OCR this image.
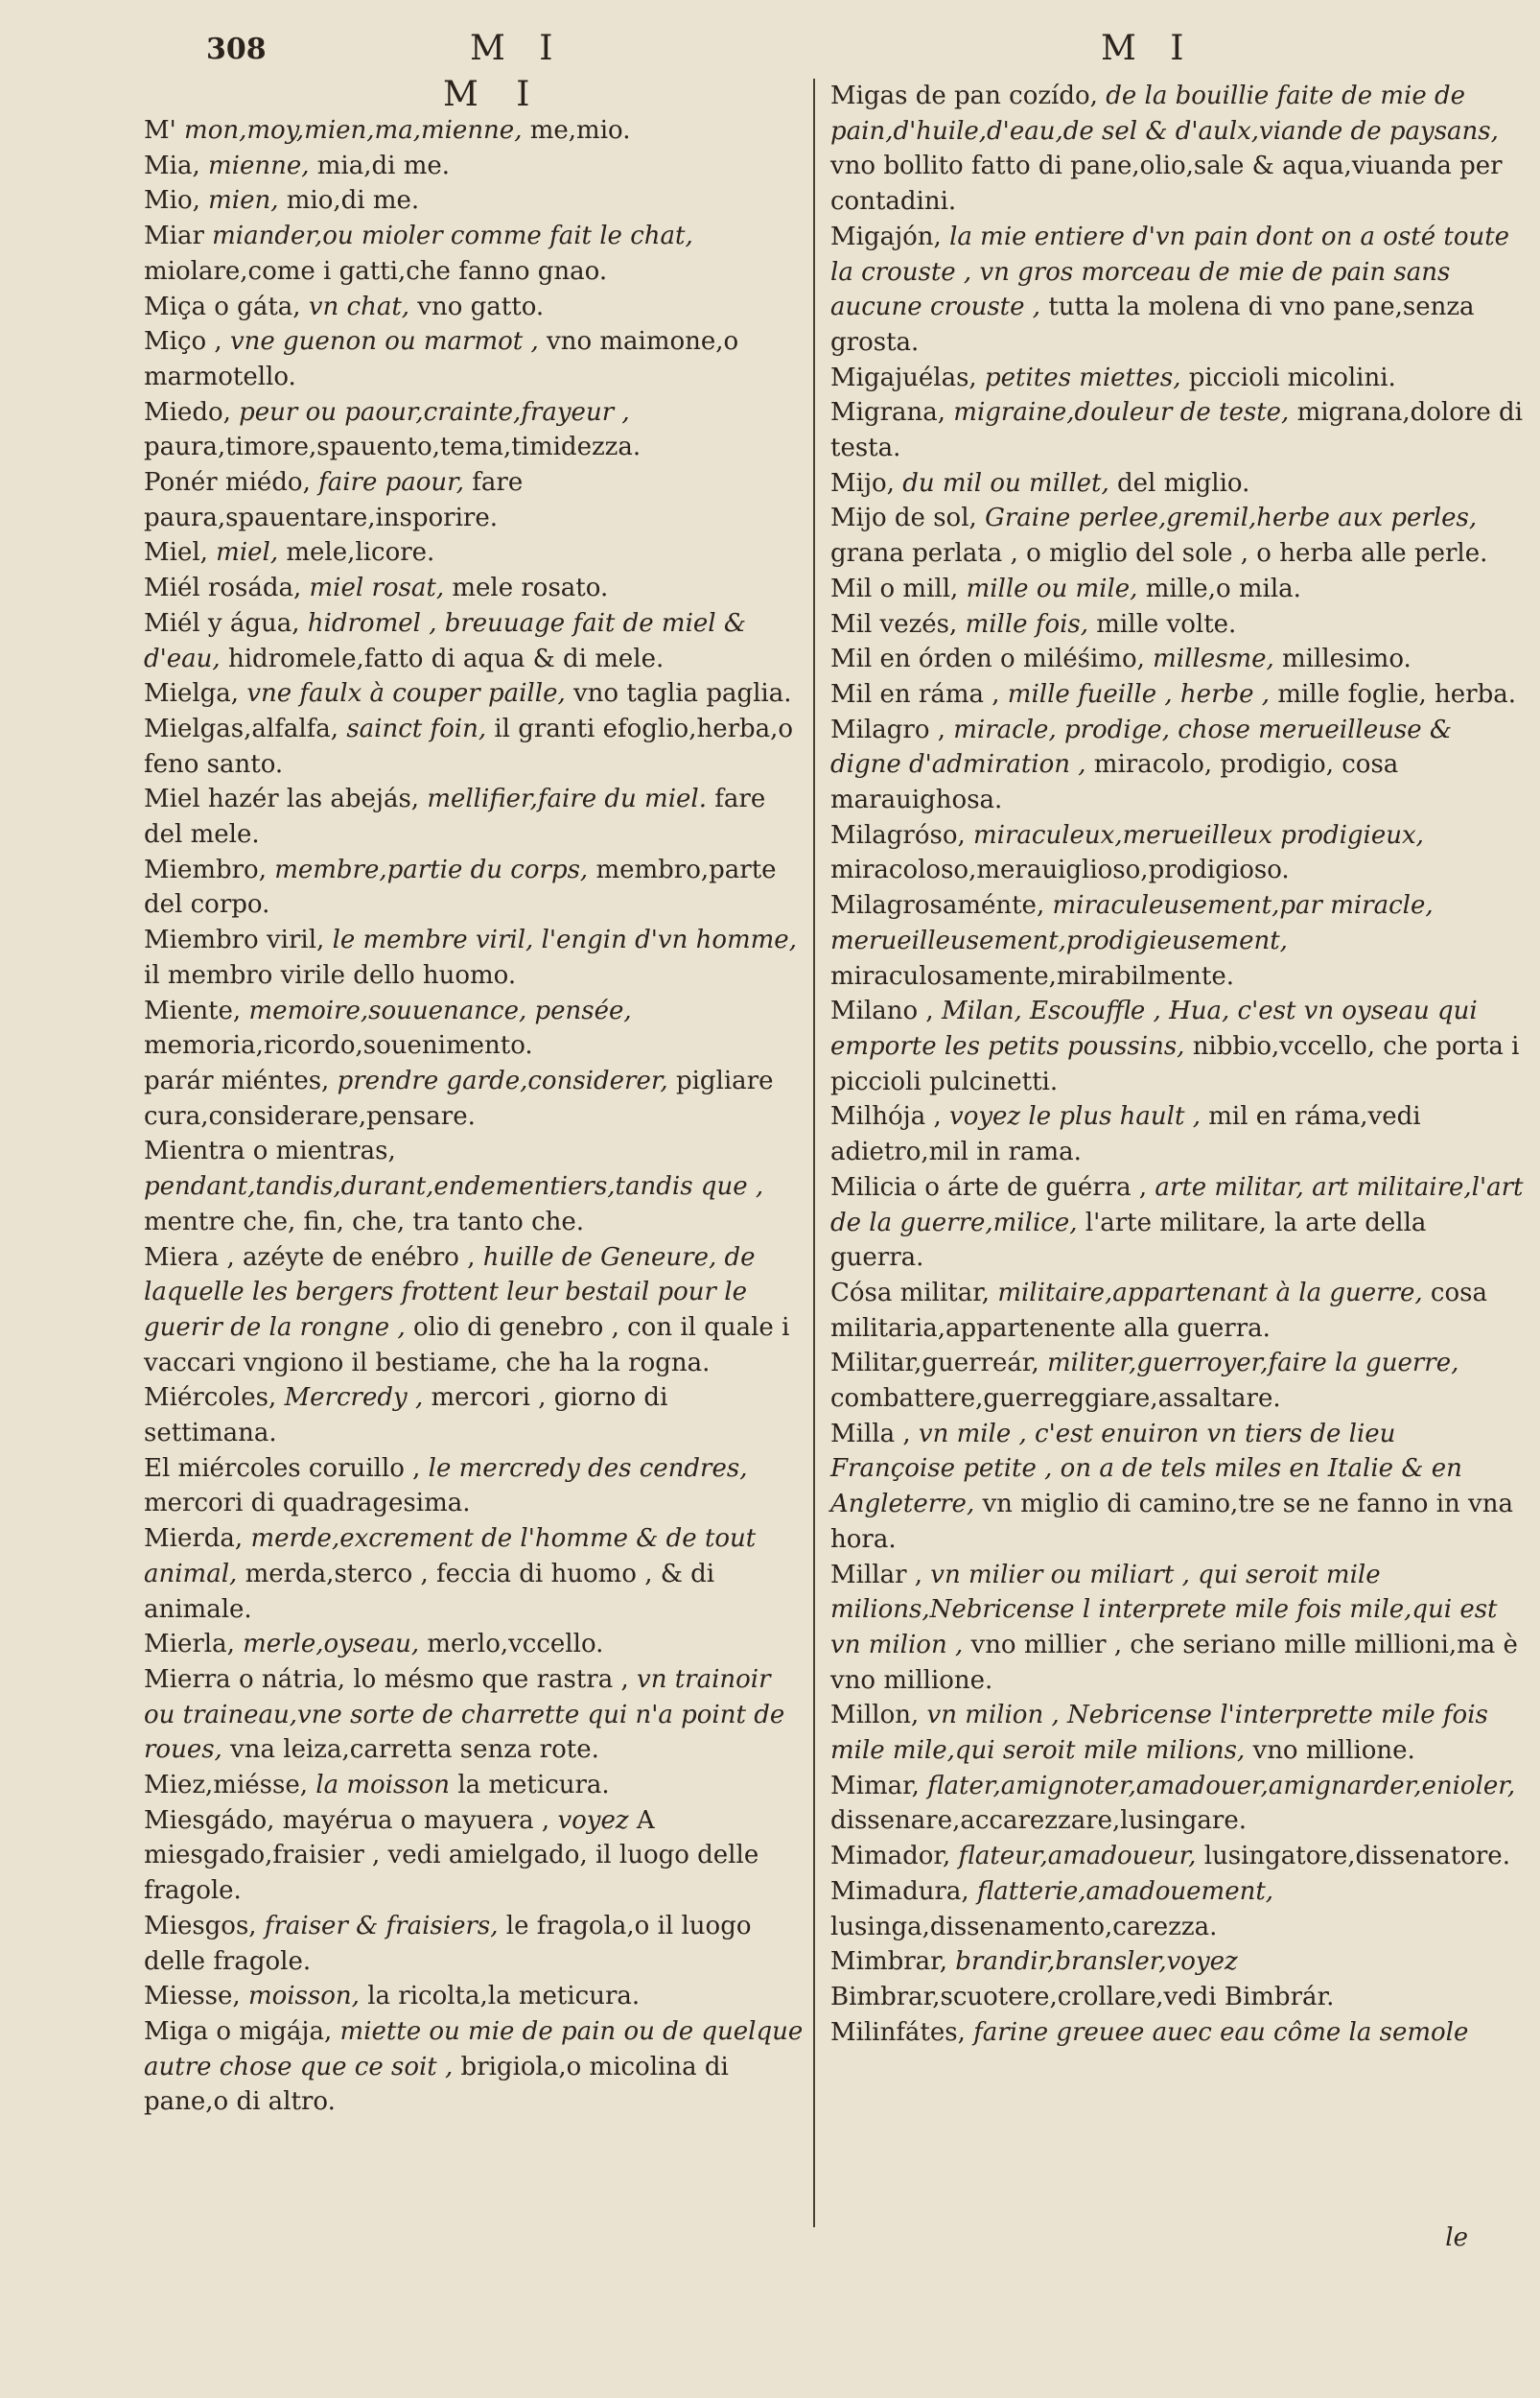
308	M I	M I
M I

M' mon,moy,mien,ma,mienne, me,mio.

Mia, mienne, mia,di me.

Mio, mien, mio,di me.

Miar miander,ou mioler comme fait le chat, miolare,come i gatti,che fanno gnao.

Miça o gáta, vn chat, vno gatto.

Miço , vne guenon ou marmot , vno maimone,o marmotello.

Miedo, peur ou paour,crainte,frayeur , paura,timore,spauento,tema,timidezza.

Ponér miédo, faire paour, fare paura,spauentare,insporire.

Miel, miel, mele,licore.

Miél rosáda, miel rosat, mele rosato.

Miél y água, hidromel , breuuage fait de miel & d'eau, hidromele,fatto di aqua & di mele.

Mielga, vne faulx à couper paille, vno taglia paglia.

Mielgas,alfalfa, sainct foin, il granti efoglio,herba,o feno santo.

Miel hazér las abejás, mellifier,faire du miel. fare del mele.

Miembro, membre,partie du corps, membro,parte del corpo.

Miembro viril, le membre viril, l'engin d'vn homme, il membro virile dello huomo.

Miente, memoire,souuenance, pensée, memoria,ricordo,souenimento.

parár miéntes, prendre garde,considerer, pigliare cura,considerare,pensare.

Mientra o mientras, pendant,tandis,durant,endementiers,tandis que , mentre che, fin, che, tra tanto che.

Miera , azéyte de enébro , huille de Geneure, de laquelle les bergers frottent leur bestail pour le guerir de la rongne , olio di genebro , con il quale i vaccari vngiono il bestiame, che ha la rogna.

Miércoles, Mercredy , mercori , giorno di settimana.

El miércoles coruillo , le mercredy des cendres, mercori di quadragesima.

Mierda, merde,excrement de l'homme & de tout animal, merda,sterco , feccia di huomo , & di animale.

Mierla, merle,oyseau, merlo,vccello.

Mierra o nátria, lo mésmo que rastra , vn trainoir ou traineau,vne sorte de charrette qui n'a point de roues, vna leiza,carretta senza rote.

Miez,miésse, la moisson la meticura.

Miesgádo, mayérua o mayuera , voyez A miesgado,fraisier , vedi amielgado, il luogo delle fragole.

Miesgos, fraiser & fraisiers, le fragola,o il luogo delle fragole.

Miesse, moisson, la ricolta,la meticura.

Miga o migája, miette ou mie de pain ou de quelque autre chose que ce soit , brigiola,o micolina di pane,o di altro.

Migas de pan cozído, de la bouillie faite de mie de pain,d'huile,d'eau,de sel & d'aulx,viande de paysans, vno bollito fatto di pane,olio,sale & aqua,viuanda per contadini.

Migajón, la mie entiere d'vn pain dont on a osté toute la crouste , vn gros morceau de mie de pain sans aucune crouste , tutta la molena di vno pane,senza grosta.

Migajuélas, petites miettes, piccioli micolini.

Migrana, migraine,douleur de teste, migrana,dolore di testa.

Mijo, du mil ou millet, del miglio.

Mijo de sol, Graine perlee,gremil,herbe aux perles, grana perlata , o miglio del sole , o herba alle perle.

Mil o mill, mille ou mile, mille,o mila.

Mil vezés, mille fois, mille volte.

Mil en órden o miléśimo, millesme, millesimo.

Mil en ráma , mille fueille , herbe , mille foglie, herba.

Milagro , miracle, prodige, chose merueilleuse & digne d'admiration , miracolo, prodigio, cosa marauighosa.

Milagróso, miraculeux,merueilleux prodigieux, miracoloso,merauiglioso,prodigioso.

Milagrosaménte, miraculeusement,par miracle, merueilleusement,prodigieusement, miraculosamente,mirabilmente.

Milano , Milan, Escouffle , Hua, c'est vn oyseau qui emporte les petits poussins, nibbio,vccello, che porta i piccioli pulcinetti.

Milhója , voyez le plus hault , mil en ráma,vedi adietro,mil in rama.

Milicia o árte de guérra , arte militar, art militaire,l'art de la guerre,milice, l'arte militare, la arte della guerra.

Cósa militar, militaire,appartenant à la guerre, cosa militaria,appartenente alla guerra.

Militar,guerreár, militer,guerroyer,faire la guerre, combattere,guerreggiare,assaltare.

Milla , vn mile , c'est enuiron vn tiers de lieu Françoise petite , on a de tels miles en Italie & en Angleterre, vn miglio di camino,tre se ne fanno in vna hora.

Millar , vn milier ou miliart , qui seroit mile milions,Nebricense l interprete mile fois mile,qui est vn milion , vno millier , che seriano mille millioni,ma è vno millione.

Millon, vn milion , Nebricense l'interprette mile fois mile mile,qui seroit mile milions, vno millione.

Mimar, flater,amignoter,amadouer,amignarder,enioler, dissenare,accarezzare,lusingare.

Mimador, flateur,amadoueur, lusingatore,dissenatore.

Mimadura, flatterie,amadouement, lusinga,dissenamento,carezza.

Mimbrar, brandir,bransler,voyez Bimbrar,scuotere,crollare,vedi Bimbrár.

Milinfátes, farine greuee auec eau côme la semole

le
